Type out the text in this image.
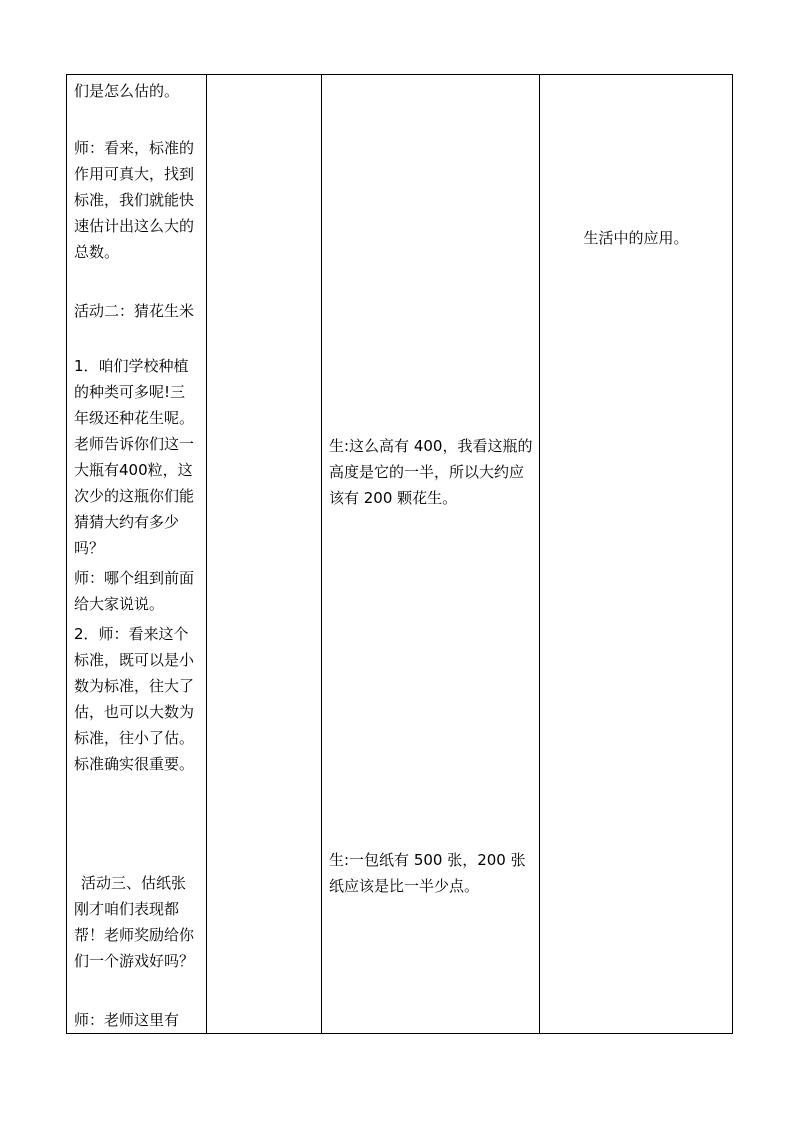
们是怎么估的。
师：看来，标准的作用可真大，找到标准，我们就能快速估计出这么大的总数。
活动二：猜花生米
1．咱们学校种植的种类可多呢!三年级还种花生呢。老师告诉你们这一大瓶有400粒，这次少的这瓶你们能猜猜大约有多少吗？
师：哪个组到前面给大家说说。
2．师：看来这个标准，既可以是小数为标准，往大了估，也可以大数为标准，往小了估。标准确实很重要。
活动三、估纸张
刚才咱们表现都帮！老师奖励给你们一个游戏好吗？
师：老师这里有

生:这么高有 400，我看这瓶的高度是它的一半，所以大约应该有 200 颗花生。
生:一包纸有 500 张，200 张纸应该是比一半少点。

生活中的应用。
